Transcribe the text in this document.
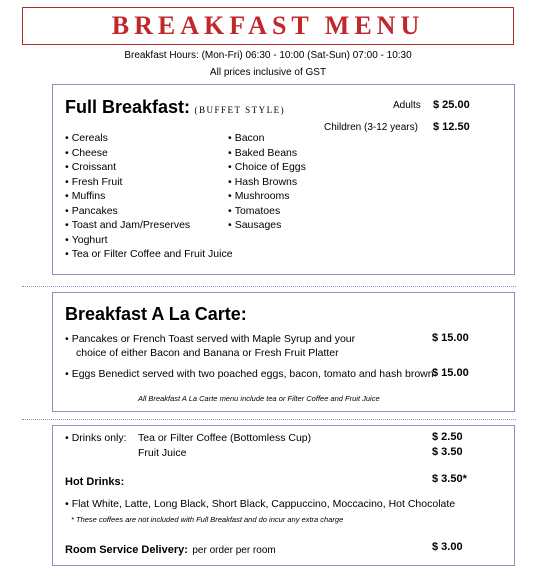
BREAKFAST MENU
Breakfast Hours: (Mon-Fri) 06:30 - 10:00 (Sat-Sun) 07:00 - 10:30
All prices inclusive of GST
Full Breakfast: (BUFFET STYLE)	Adults $ 25.00
Children (3-12 years) $ 12.50
• Cereals
• Cheese
• Croissant
• Fresh Fruit
• Muffins
• Pancakes
• Toast and Jam/Preserves
• Yoghurt
• Tea or Filter Coffee and Fruit Juice
• Bacon
• Baked Beans
• Choice of Eggs
• Hash Browns
• Mushrooms
• Tomatoes
• Sausages
Breakfast A La Carte:
• Pancakes or French Toast served with Maple Syrup and your
choice of either Bacon and Banana or Fresh Fruit Platter
$ 15.00
• Eggs Benedict served with two poached eggs, bacon, tomato and hash brown
$ 15.00
All Breakfast A La Carte menu include tea or Filter Coffee and Fruit Juice
• Drinks only: Tea or Filter Coffee (Bottomless Cup)	$ 2.50
Fruit Juice	$ 3.50
Hot Drinks:	$ 3.50*
• Flat White, Latte, Long Black, Short Black, Cappuccino, Moccacino, Hot Chocolate
* These coffees are not included with Full Breakfast and do incur any extra charge
Room Service Delivery: per order per room	$ 3.00
